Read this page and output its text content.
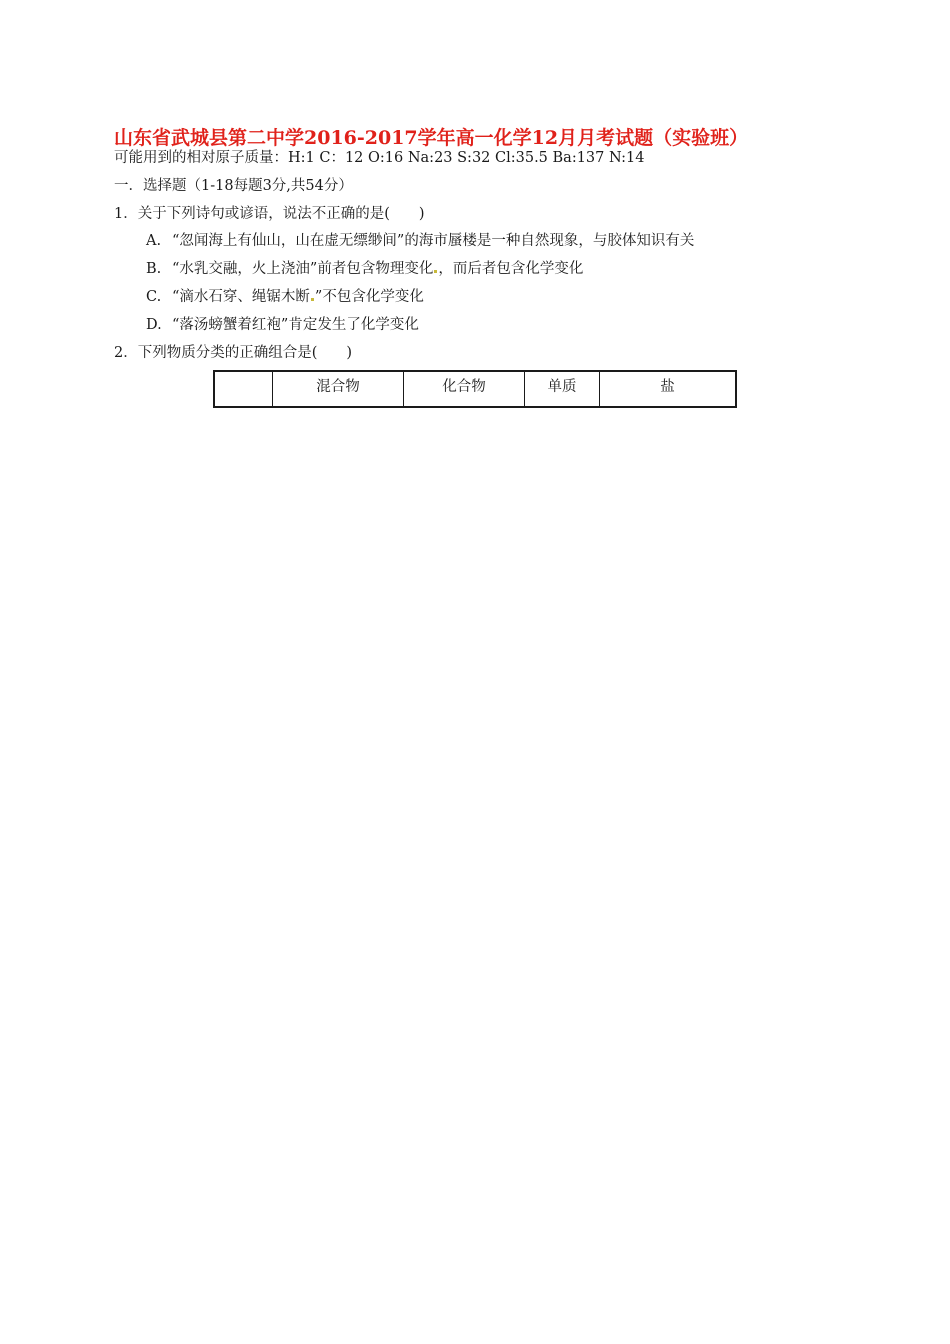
山东省武城县第二中学2016-2017学年高一化学12月月考试题（实验班）
可能用到的相对原子质量：H:1 C：12 O:16 Na:23 S:32 Cl:35.5 Ba:137 N:14
一．选择题（1-18每题3分,共54分）
1．关于下列诗句或谚语，说法不正确的是(　　)
A. “忽闻海上有仙山，山在虚无缥缈间”的海市蜃楼是一种自然现象，与胶体知识有关
B. “水乳交融，火上浇油”前者包含物理变化 ，而后者包含化学变化
C. “滴水石穿、绳锯木断 ”不包含化学变化
D. “落汤螃蟹着红袍”肯定发生了化学变化
2．下列物质分类的正确组合是(　　)
	混合物	化合物	单质	盐
